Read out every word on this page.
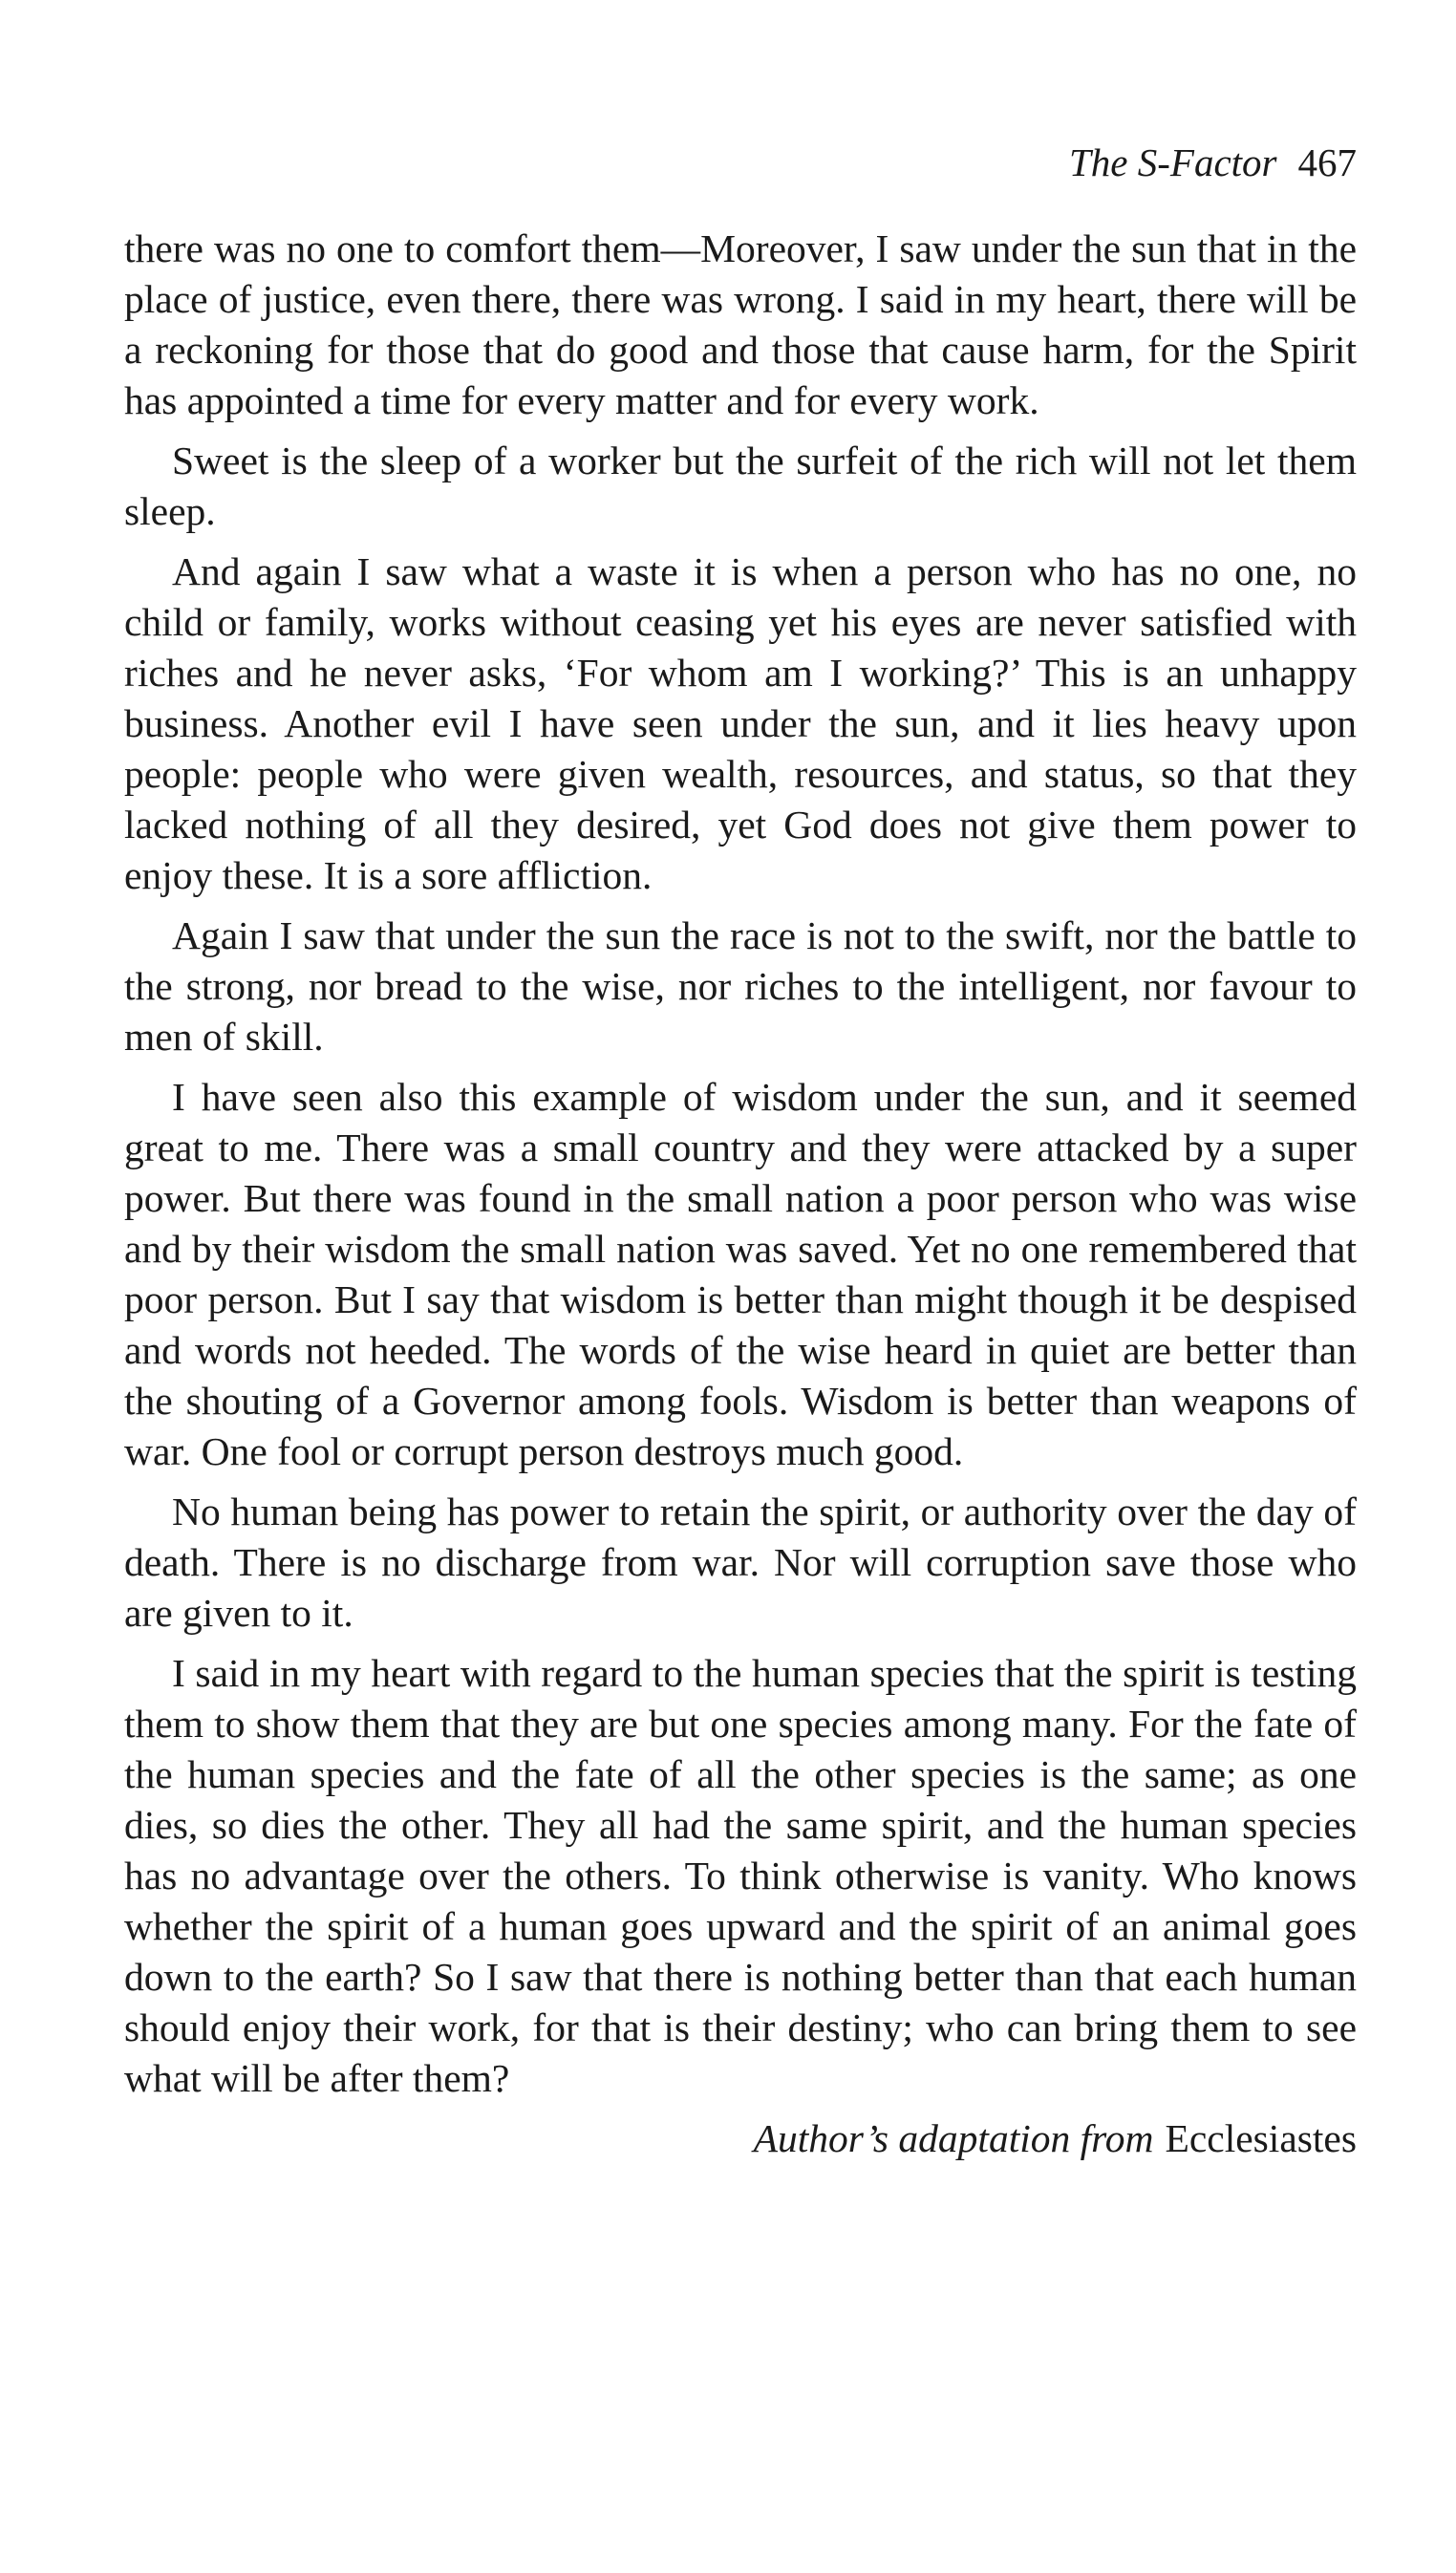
The S-Factor 467

there was no one to comfort them—Moreover, I saw under the sun that in the place of justice, even there, there was wrong. I said in my heart, there will be a reckoning for those that do good and those that cause harm, for the Spirit has appointed a time for every matter and for every work.

Sweet is the sleep of a worker but the surfeit of the rich will not let them sleep.

And again I saw what a waste it is when a person who has no one, no child or family, works without ceasing yet his eyes are never satisfied with riches and he never asks, ‘For whom am I working?’ This is an unhappy business. Another evil I have seen under the sun, and it lies heavy upon people: people who were given wealth, resources, and status, so that they lacked nothing of all they desired, yet God does not give them power to enjoy these. It is a sore affliction.

Again I saw that under the sun the race is not to the swift, nor the battle to the strong, nor bread to the wise, nor riches to the intelligent, nor favour to men of skill.

I have seen also this example of wisdom under the sun, and it seemed great to me. There was a small country and they were attacked by a super power. But there was found in the small nation a poor person who was wise and by their wisdom the small nation was saved. Yet no one remembered that poor person. But I say that wisdom is better than might though it be despised and words not heeded. The words of the wise heard in quiet are better than the shouting of a Governor among fools. Wisdom is better than weapons of war. One fool or corrupt person destroys much good.

No human being has power to retain the spirit, or authority over the day of death. There is no discharge from war. Nor will corruption save those who are given to it.

I said in my heart with regard to the human species that the spirit is testing them to show them that they are but one species among many. For the fate of the human species and the fate of all the other species is the same; as one dies, so dies the other. They all had the same spirit, and the human species has no advantage over the others. To think otherwise is vanity. Who knows whether the spirit of a human goes upward and the spirit of an animal goes down to the earth? So I saw that there is nothing better than that each human should enjoy their work, for that is their destiny; who can bring them to see what will be after them?

Author’s adaptation from Ecclesiastes
